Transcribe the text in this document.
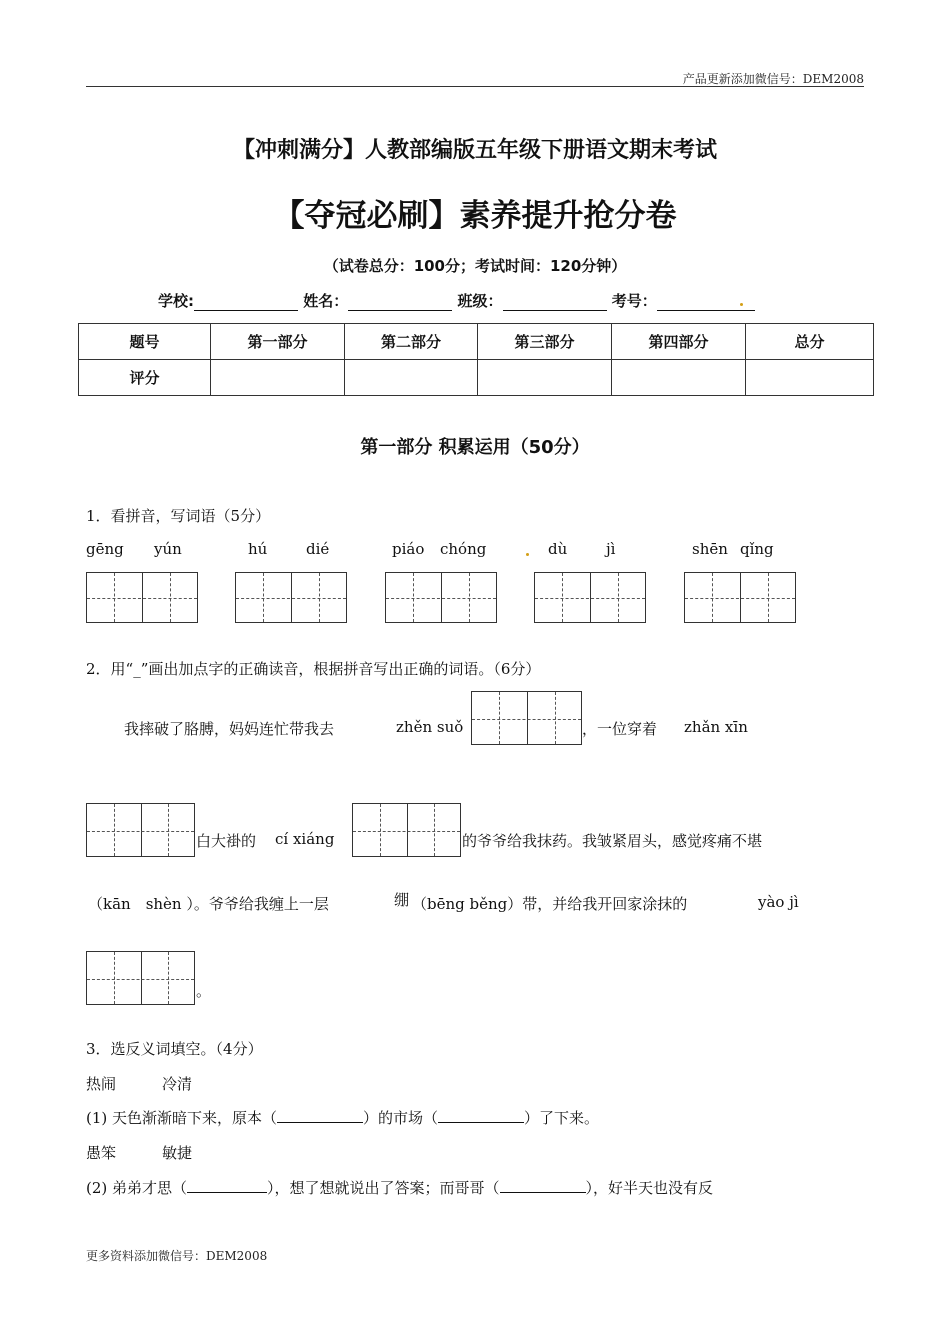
产品更新添加微信号：DEM2008
【冲刺满分】人教部编版五年级下册语文期末考试
【夺冠必刷】素养提升抢分卷
（试卷总分：100分；考试时间：120分钟）
学校:	姓名：	班级：	考号：
题号	第一部分	第二部分	第三部分	第四部分	总分
评分					
第一部分 积累运用（50分）
1．看拼音，写词语（5分）
gēng yún	hú	dié	piáo chóng	dù	jì	shēn qǐng
2．用“_”画出加点字的正确读音，根据拼音写出正确的词语。（6分）
我摔破了胳膊，妈妈连忙带我去	zhěn suǒ	，一位穿着 zhǎn xīn
白大褂的 cí xiáng	的爷爷给我抹药。我皱紧眉头，感觉疼痛不堪
（kān　shèn ）。爷爷给我缠上一层	绷 （bēng běng）带，并给我开回家涂抹的	yào jì
。
3．选反义词填空。（4分）
热闹	冷清
(1) 天色渐渐暗下来，原本（	）的市场（	）了下来。
愚笨	敏捷
(2) 弟弟才思（	），想了想就说出了答案；而哥哥（	），好半天也没有反
更多资料添加微信号：DEM2008
